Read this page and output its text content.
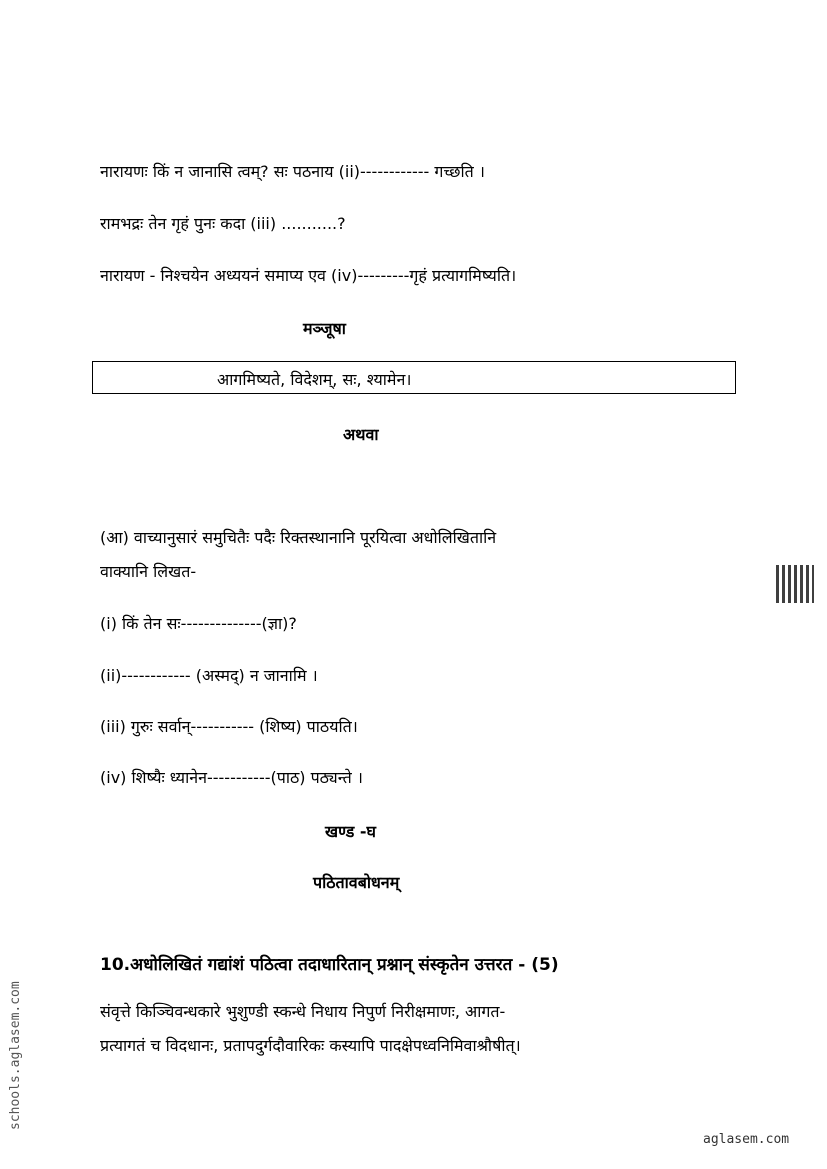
नारायणः किं न जानासि त्वम्? सः पठनाय (ii)------------ गच्छति ।
रामभद्रः तेन गृहं पुनः कदा (iii) ...........?
नारायण - निश्चयेन अध्ययनं समाप्य एव (iv)---------गृहं प्रत्यागमिष्यति।
मञ्जूषा
आगमिष्यते, विदेशम्, सः, श्यामेन।
अथवा
(आ) वाच्यानुसारं समुचितैः पदैः रिक्तस्थानानि पूरयित्वा अधोलिखितानि
वाक्यानि लिखत-
(i) किं तेन सः--------------(ज्ञा)?
(ii)------------ (अस्मद्) न जानामि ।
(iii) गुरुः सर्वान्----------- (शिष्य) पाठयति।
(iv) शिष्यैः ध्यानेन-----------(पाठ) पठ्यन्ते ।
खण्ड -घ
पठितावबोधनम्
10.अधोलिखितं गद्यांशं पठित्वा तदाधारितान् प्रश्नान् संस्कृतेन उत्तरत - (5)
संवृत्ते किञ्चिवन्धकारे भुशुण्डी स्कन्धे निधाय निपुर्ण निरीक्षमाणः, आगत-
प्रत्यागतं च विदधानः, प्रतापदुर्गदौवारिकः कस्यापि पादक्षेपध्वनिमिवाश्रौषीत्।
schools.aglasem.com
aglasem.com
